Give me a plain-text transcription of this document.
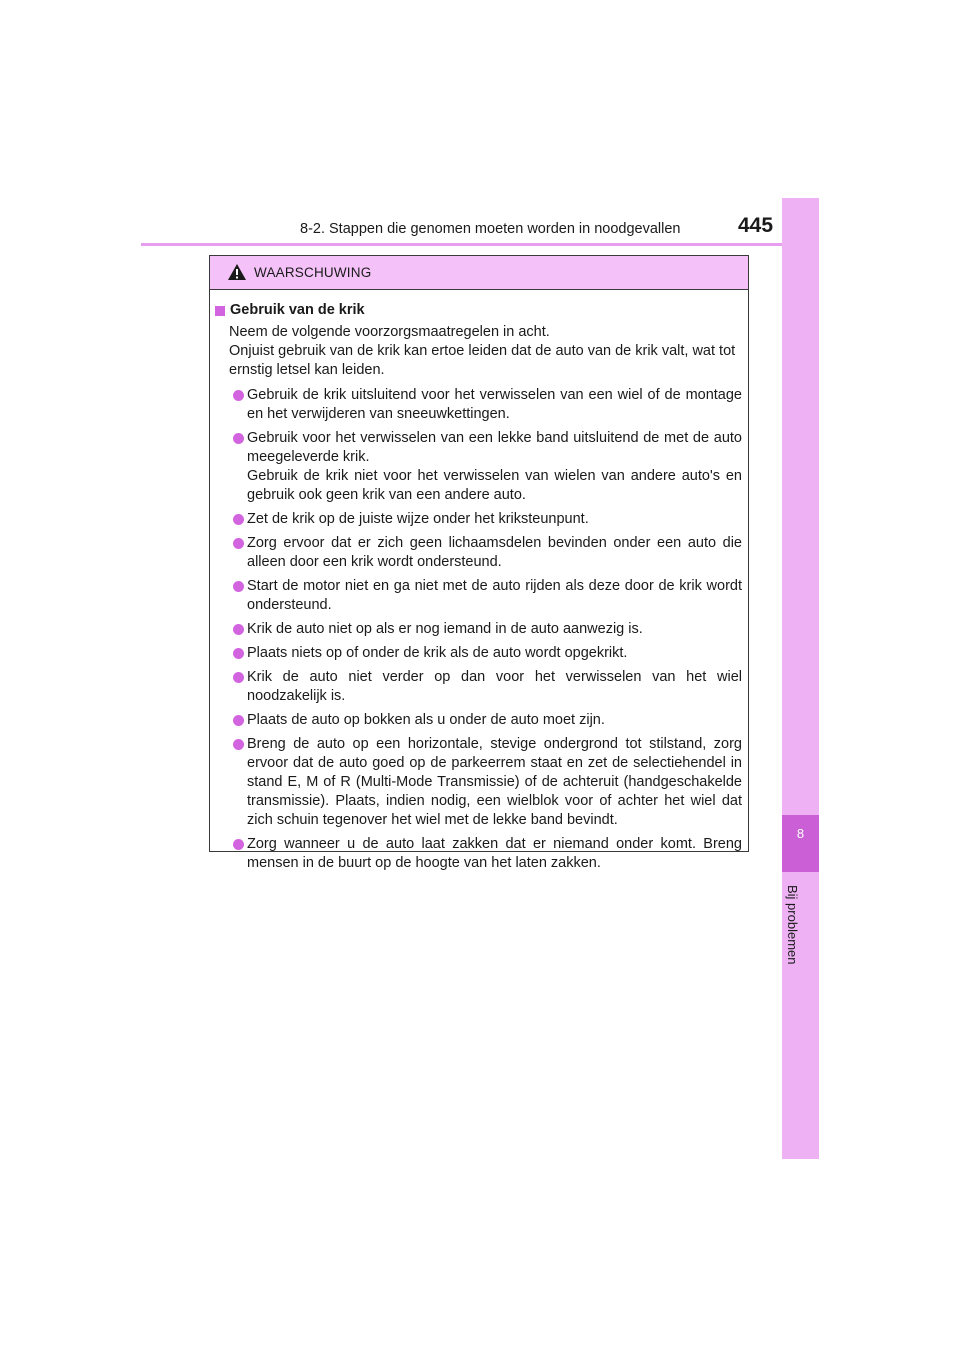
8-2. Stappen die genomen moeten worden in noodgevallen	445
8
Bij problemen
WAARSCHUWING
Gebruik van de krik

Neem de volgende voorzorgsmaatregelen in acht.

Onjuist gebruik van de krik kan ertoe leiden dat de auto van de krik valt, wat tot ernstig letsel kan leiden.

Gebruik de krik uitsluitend voor het verwisselen van een wiel of de montage en het verwijderen van sneeuwkettingen.
Gebruik voor het verwisselen van een lekke band uitsluitend de met de auto meegeleverde krik.
Gebruik de krik niet voor het verwisselen van wielen van andere auto's en gebruik ook geen krik van een andere auto.
Zet de krik op de juiste wijze onder het kriksteunpunt.
Zorg ervoor dat er zich geen lichaamsdelen bevinden onder een auto die alleen door een krik wordt ondersteund.
Start de motor niet en ga niet met de auto rijden als deze door de krik wordt ondersteund.
Krik de auto niet op als er nog iemand in de auto aanwezig is.
Plaats niets op of onder de krik als de auto wordt opgekrikt.
Krik de auto niet verder op dan voor het verwisselen van het wiel noodzakelijk is.
Plaats de auto op bokken als u onder de auto moet zijn.
Breng de auto op een horizontale, stevige ondergrond tot stilstand, zorg ervoor dat de auto goed op de parkeerrem staat en zet de selectiehendel in stand E, M of R (Multi-Mode Transmissie) of de achteruit (handgeschakelde transmissie). Plaats, indien nodig, een wielblok voor of achter het wiel dat zich schuin tegenover het wiel met de lekke band bevindt.
Zorg wanneer u de auto laat zakken dat er niemand onder komt. Breng mensen in de buurt op de hoogte van het laten zakken.
